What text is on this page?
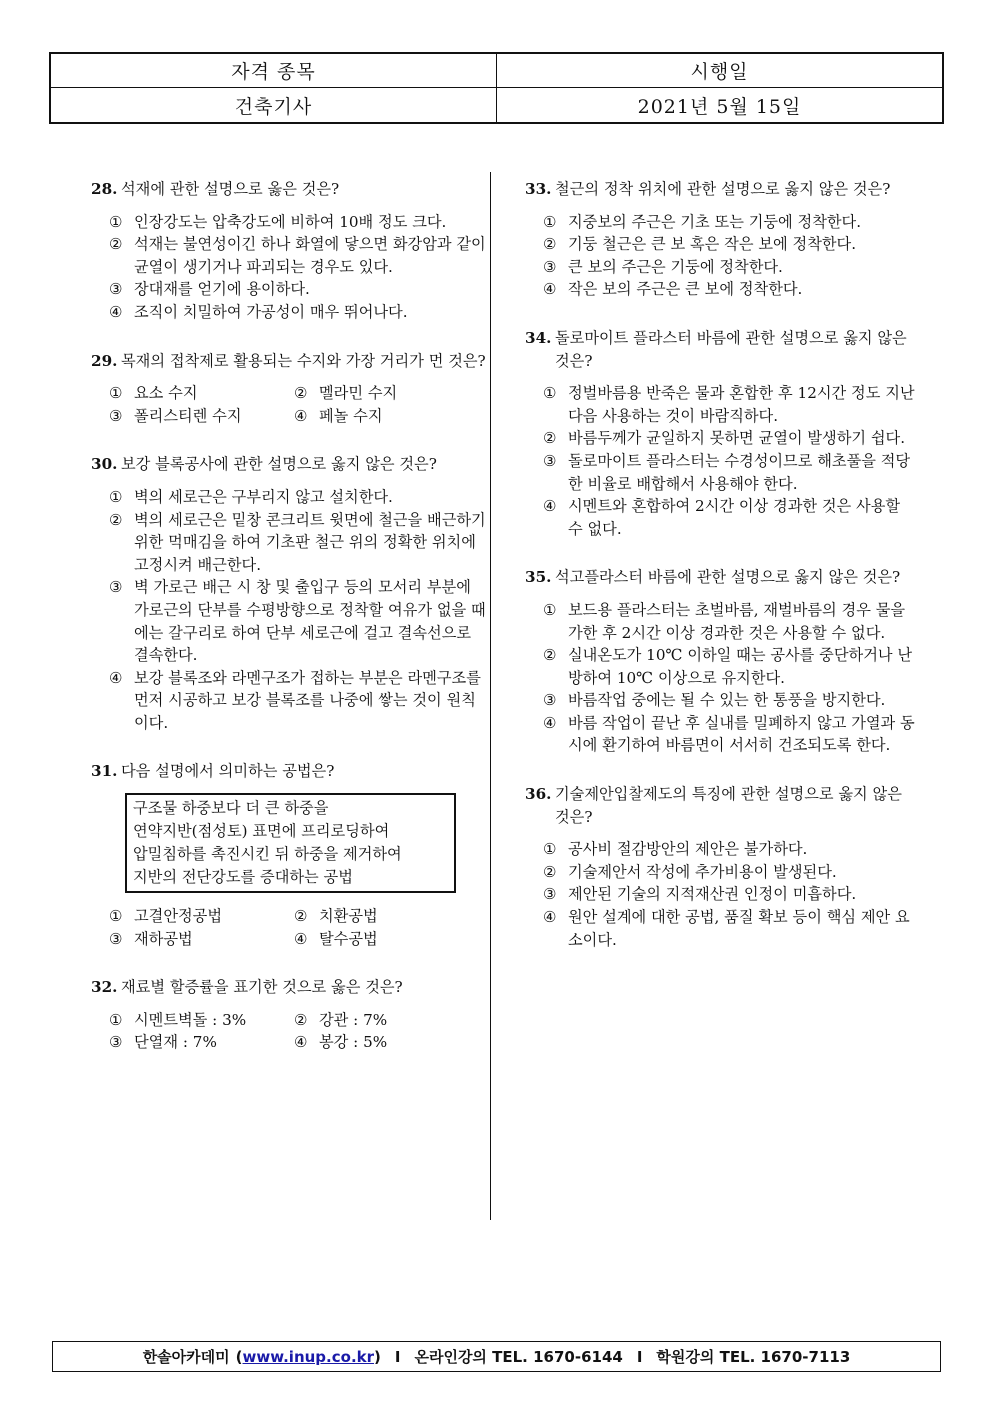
자격 종목	시행일
건축기사	2021년 5월 15일
28. 석재에 관한 설명으로 옳은 것은?
① 인장강도는 압축강도에 비하여 10배 정도 크다.
② 석재는 불연성이긴 하나 화열에 닿으면 화강암과 같이 균열이 생기거나 파괴되는 경우도 있다.
③ 장대재를 얻기에 용이하다.
④ 조직이 치밀하여 가공성이 매우 뛰어나다.
29. 목재의 접착제로 활용되는 수지와 가장 거리가 먼 것은?
① 요소 수지	② 멜라민 수지
③ 폴리스티렌 수지	④ 페놀 수지
30. 보강 블록공사에 관한 설명으로 옳지 않은 것은?
① 벽의 세로근은 구부리지 않고 설치한다.
② 벽의 세로근은 밑창 콘크리트 윗면에 철근을 배근하기 위한 먹매김을 하여 기초판 철근 위의 정확한 위치에 고정시켜 배근한다.
③ 벽 가로근 배근 시 창 및 출입구 등의 모서리 부분에 가로근의 단부를 수평방향으로 정착할 여유가 없을 때에는 갈구리로 하여 단부 세로근에 걸고 결속선으로 결속한다.
④ 보강 블록조와 라멘구조가 접하는 부분은 라멘구조를 먼저 시공하고 보강 블록조를 나중에 쌓는 것이 원칙이다.
31. 다음 설명에서 의미하는 공법은?
구조물 하중보다 더 큰 하중을
연약지반(점성토) 표면에 프리로딩하여
압밀침하를 촉진시킨 뒤 하중을 제거하여
지반의 전단강도를 증대하는 공법
① 고결안정공법	② 치환공법
③ 재하공법	④ 탈수공법
32. 재료별 할증률을 표기한 것으로 옳은 것은?
① 시멘트벽돌 : 3%	② 강관 : 7%
③ 단열재 : 7%	④ 봉강 : 5%
33. 철근의 정착 위치에 관한 설명으로 옳지 않은 것은?
① 지중보의 주근은 기초 또는 기둥에 정착한다.
② 기둥 철근은 큰 보 혹은 작은 보에 정착한다.
③ 큰 보의 주근은 기둥에 정착한다.
④ 작은 보의 주근은 큰 보에 정착한다.
34. 돌로마이트 플라스터 바름에 관한 설명으로 옳지 않은 것은?
① 정벌바름용 반죽은 물과 혼합한 후 12시간 정도 지난 다음 사용하는 것이 바람직하다.
② 바름두께가 균일하지 못하면 균열이 발생하기 쉽다.
③ 돌로마이트 플라스터는 수경성이므로 해초풀을 적당한 비율로 배합해서 사용해야 한다.
④ 시멘트와 혼합하여 2시간 이상 경과한 것은 사용할 수 없다.
35. 석고플라스터 바름에 관한 설명으로 옳지 않은 것은?
① 보드용 플라스터는 초벌바름, 재벌바름의 경우 물을 가한 후 2시간 이상 경과한 것은 사용할 수 없다.
② 실내온도가 10℃ 이하일 때는 공사를 중단하거나 난방하여 10℃ 이상으로 유지한다.
③ 바름작업 중에는 될 수 있는 한 통풍을 방지한다.
④ 바름 작업이 끝난 후 실내를 밀폐하지 않고 가열과 동시에 환기하여 바름면이 서서히 건조되도록 한다.
36. 기술제안입찰제도의 특징에 관한 설명으로 옳지 않은 것은?
① 공사비 절감방안의 제안은 불가하다.
② 기술제안서 작성에 추가비용이 발생된다.
③ 제안된 기술의 지적재산권 인정이 미흡하다.
④ 원안 설계에 대한 공법, 품질 확보 등이 핵심 제안 요소이다.
한솔아카데미 ( www.inup.co.kr ) I 온라인강의 TEL. 1670-6144 I 학원강의 TEL. 1670-7113
